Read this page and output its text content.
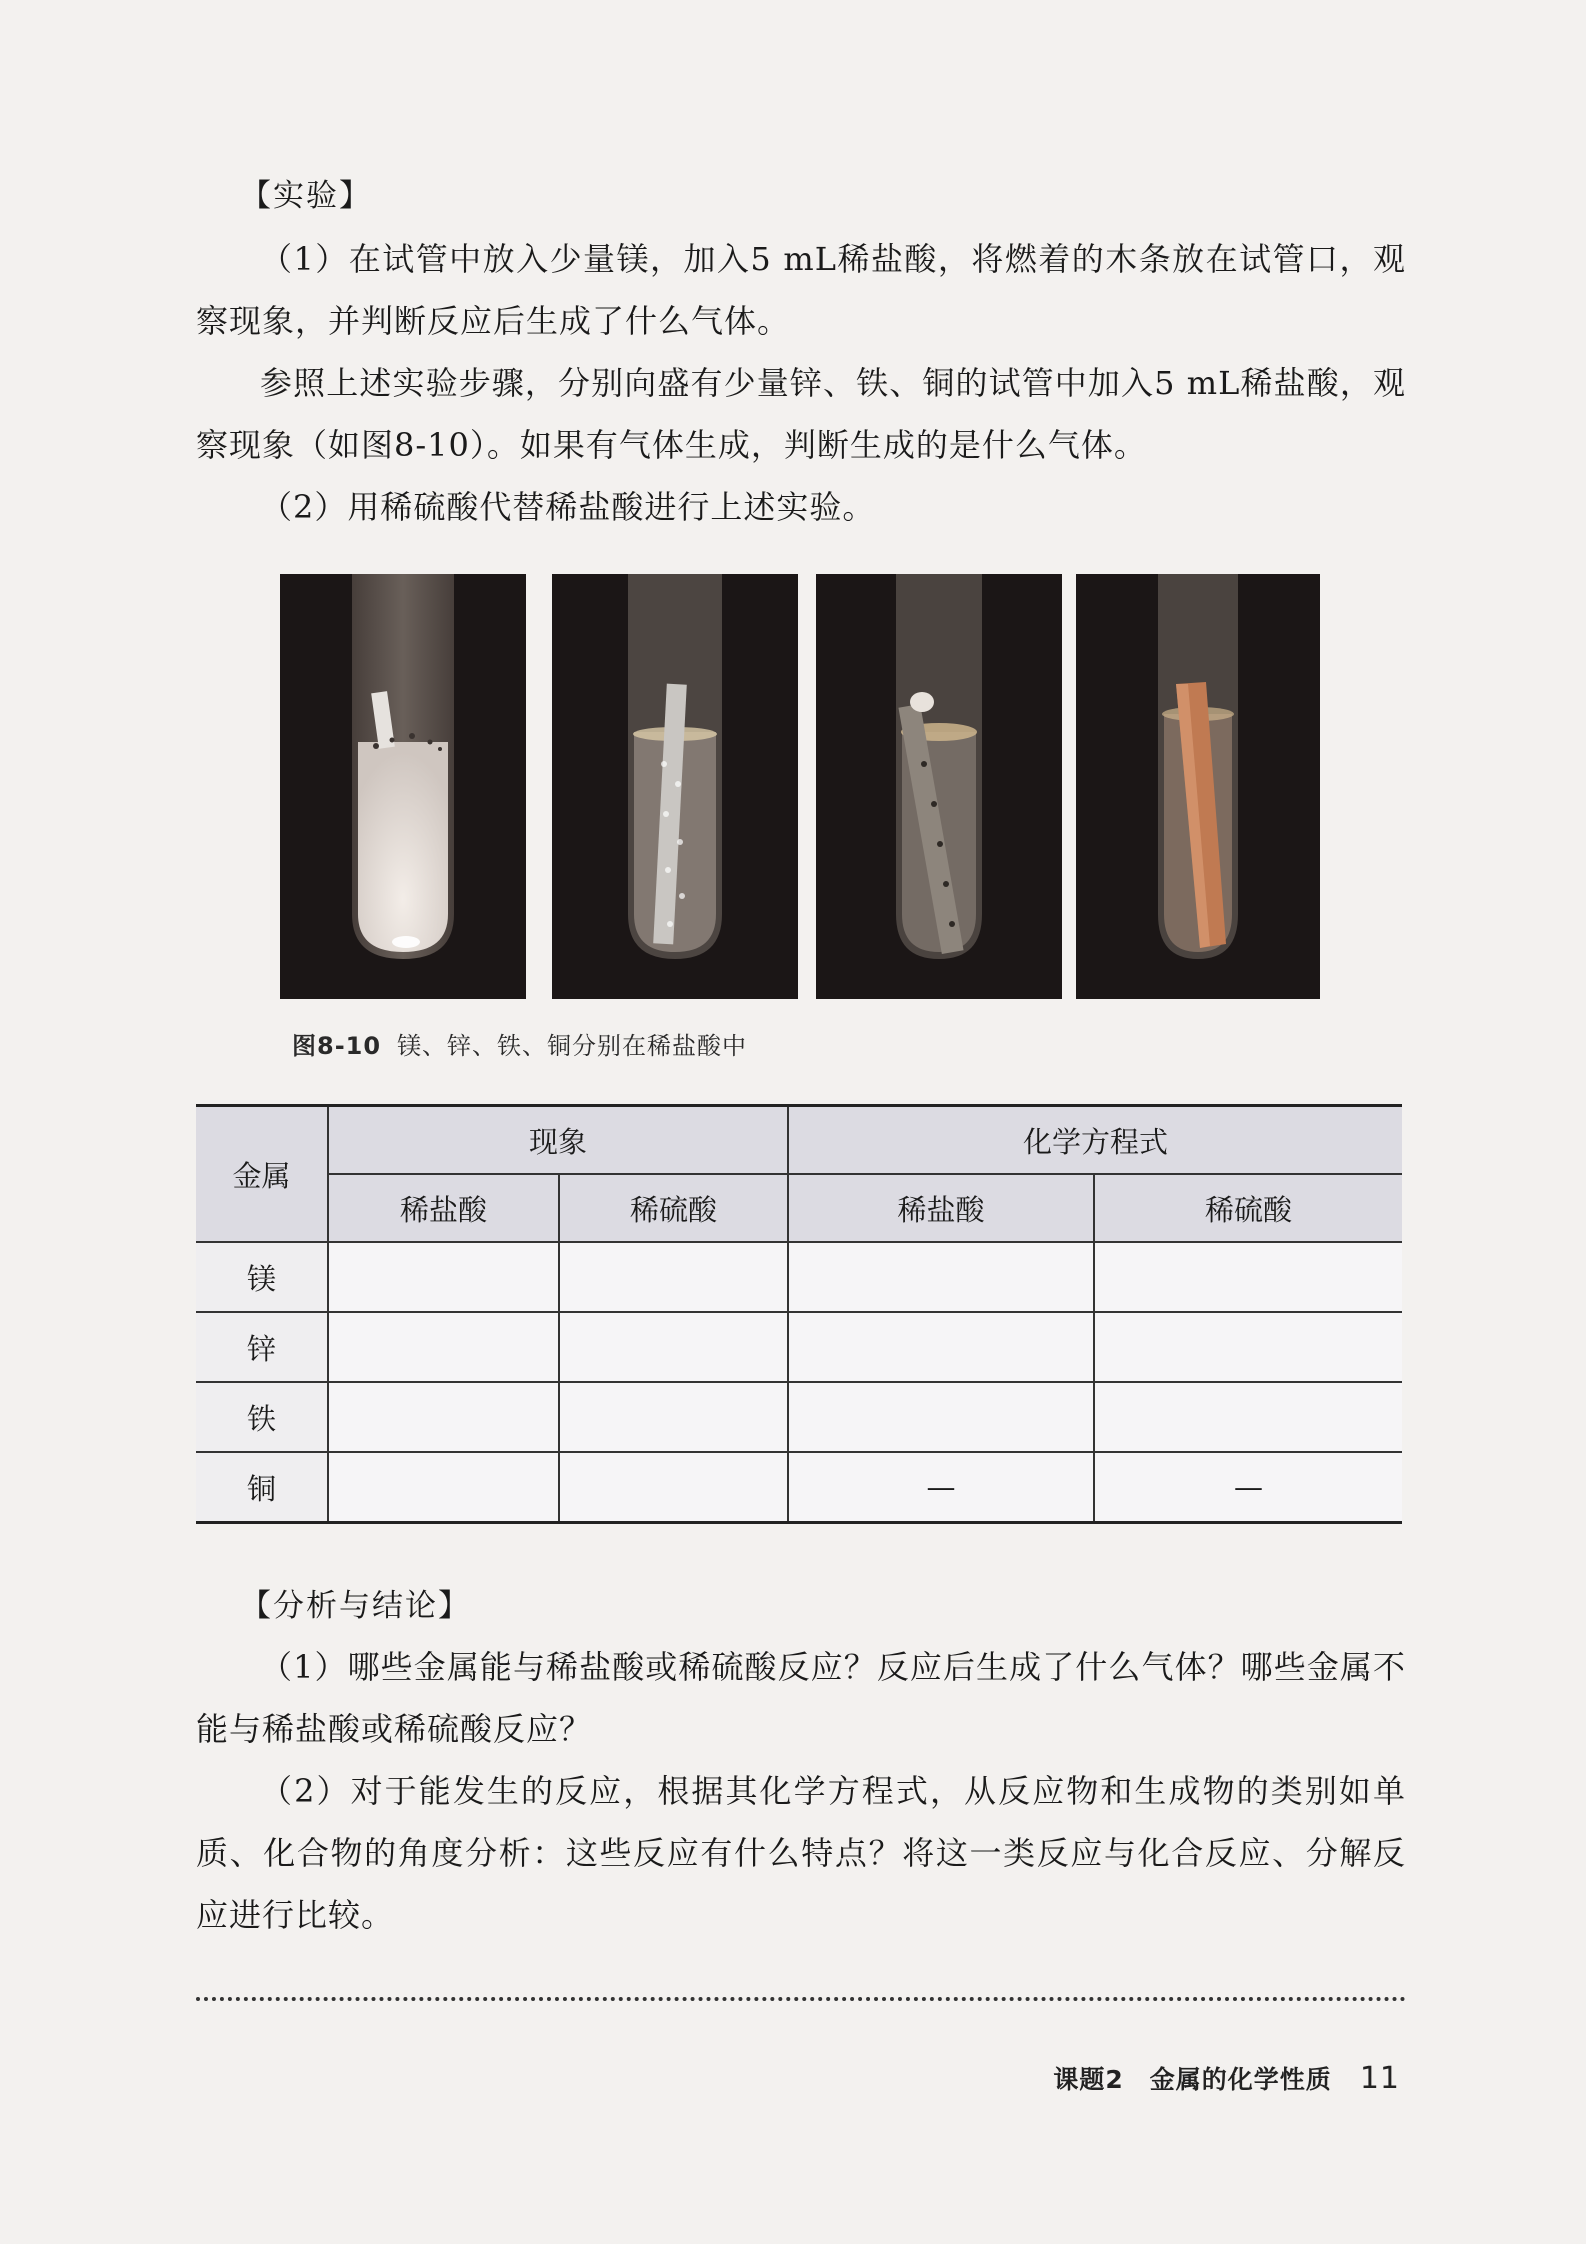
【实验】

（1）在试管中放入少量镁，加入5 mL稀盐酸，将燃着的木条放在试管口，观察现象，并判断反应后生成了什么气体。

参照上述实验步骤，分别向盛有少量锌、铁、铜的试管中加入5 mL稀盐酸，观察现象（如图8-10）。如果有气体生成，判断生成的是什么气体。

（2）用稀硫酸代替稀盐酸进行上述实验。

图8-10 镁、锌、铁、铜分别在稀盐酸中
金属	现象		化学方程式	
	稀盐酸	稀硫酸	稀盐酸	稀硫酸
镁				
锌				
铁				
铜			—	—
【分析与结论】

（1）哪些金属能与稀盐酸或稀硫酸反应？反应后生成了什么气体？哪些金属不能与稀盐酸或稀硫酸反应？

（2）对于能发生的反应，根据其化学方程式，从反应物和生成物的类别如单质、化合物的角度分析：这些反应有什么特点？将这一类反应与化合反应、分解反应进行比较。

课题2　金属的化学性质 11
